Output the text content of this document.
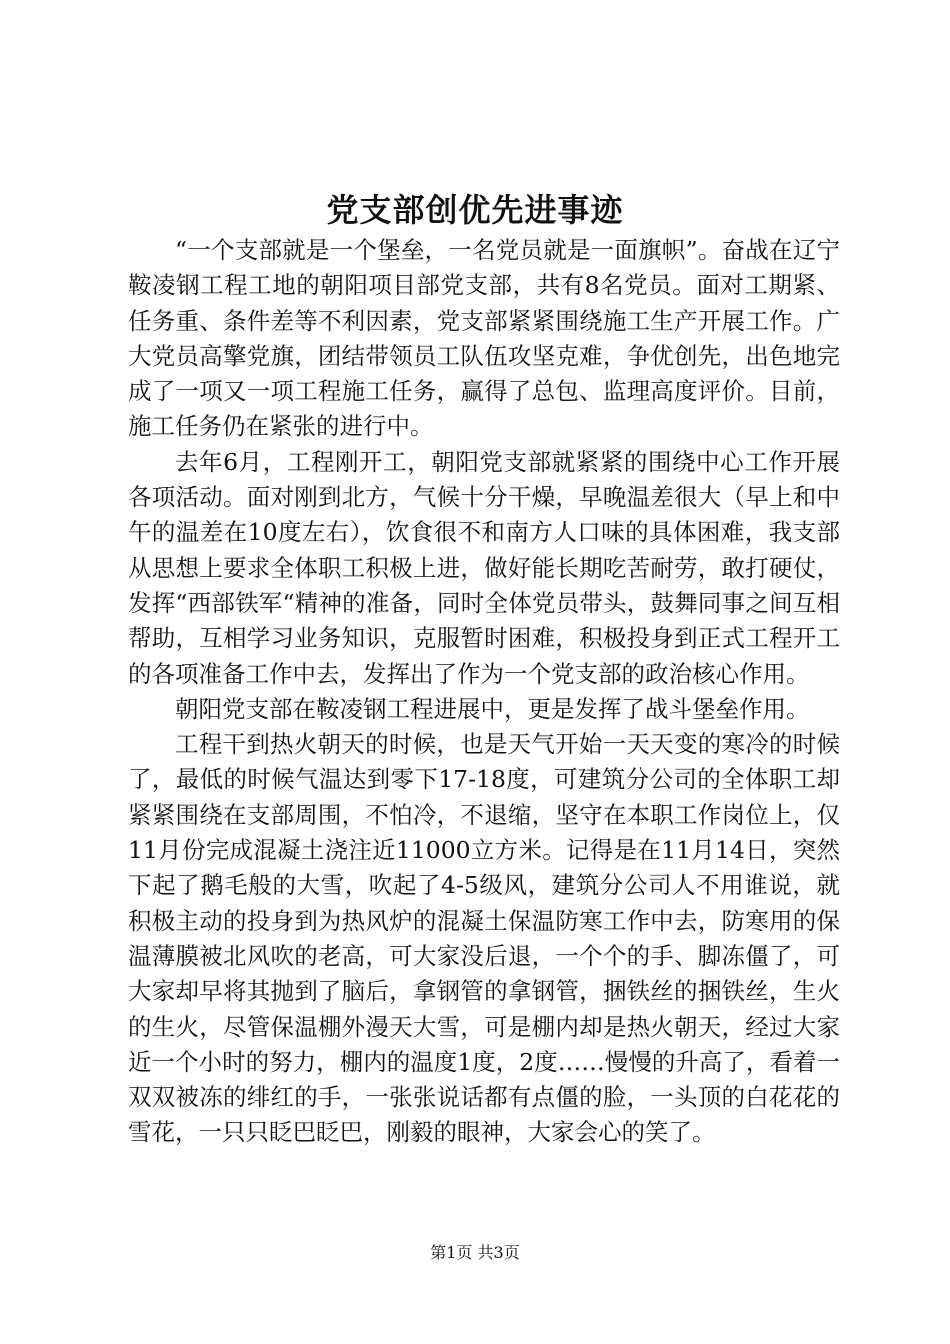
党支部创优先进事迹

“一个支部就是一个堡垒，一名党员就是一面旗帜”。奋战在辽宁鞍凌钢工程工地的朝阳项目部党支部，共有8名党员。面对工期紧、任务重、条件差等不利因素，党支部紧紧围绕施工生产开展工作。广大党员高擎党旗，团结带领员工队伍攻坚克难，争优创先，出色地完成了一项又一项工程施工任务，赢得了总包、监理高度评价。目前，施工任务仍在紧张的进行中。

去年6月，工程刚开工，朝阳党支部就紧紧的围绕中心工作开展各项活动。面对刚到北方，气候十分干燥，早晚温差很大（早上和中午的温差在10度左右），饮食很不和南方人口味的具体困难，我支部从思想上要求全体职工积极上进，做好能长期吃苦耐劳，敢打硬仗，发挥“西部铁军“精神的准备，同时全体党员带头，鼓舞同事之间互相帮助，互相学习业务知识，克服暂时困难，积极投身到正式工程开工的各项准备工作中去，发挥出了作为一个党支部的政治核心作用。

朝阳党支部在鞍凌钢工程进展中，更是发挥了战斗堡垒作用。

工程干到热火朝天的时候，也是天气开始一天天变的寒冷的时候了，最低的时候气温达到零下17-18度，可建筑分公司的全体职工却紧紧围绕在支部周围，不怕冷，不退缩，坚守在本职工作岗位上，仅11月份完成混凝土浇注近11000立方米。记得是在11月14日，突然下起了鹅毛般的大雪，吹起了4-5级风，建筑分公司人不用谁说，就积极主动的投身到为热风炉的混凝土保温防寒工作中去，防寒用的保温薄膜被北风吹的老高，可大家没后退，一个个的手、脚冻僵了，可大家却早将其抛到了脑后，拿钢管的拿钢管，捆铁丝的捆铁丝，生火的生火，尽管保温棚外漫天大雪，可是棚内却是热火朝天，经过大家近一个小时的努力，棚内的温度1度，2度……慢慢的升高了，看着一双双被冻的绯红的手，一张张说话都有点僵的脸，一头顶的白花花的雪花，一只只眨巴眨巴，刚毅的眼神，大家会心的笑了。

第1页 共3页
